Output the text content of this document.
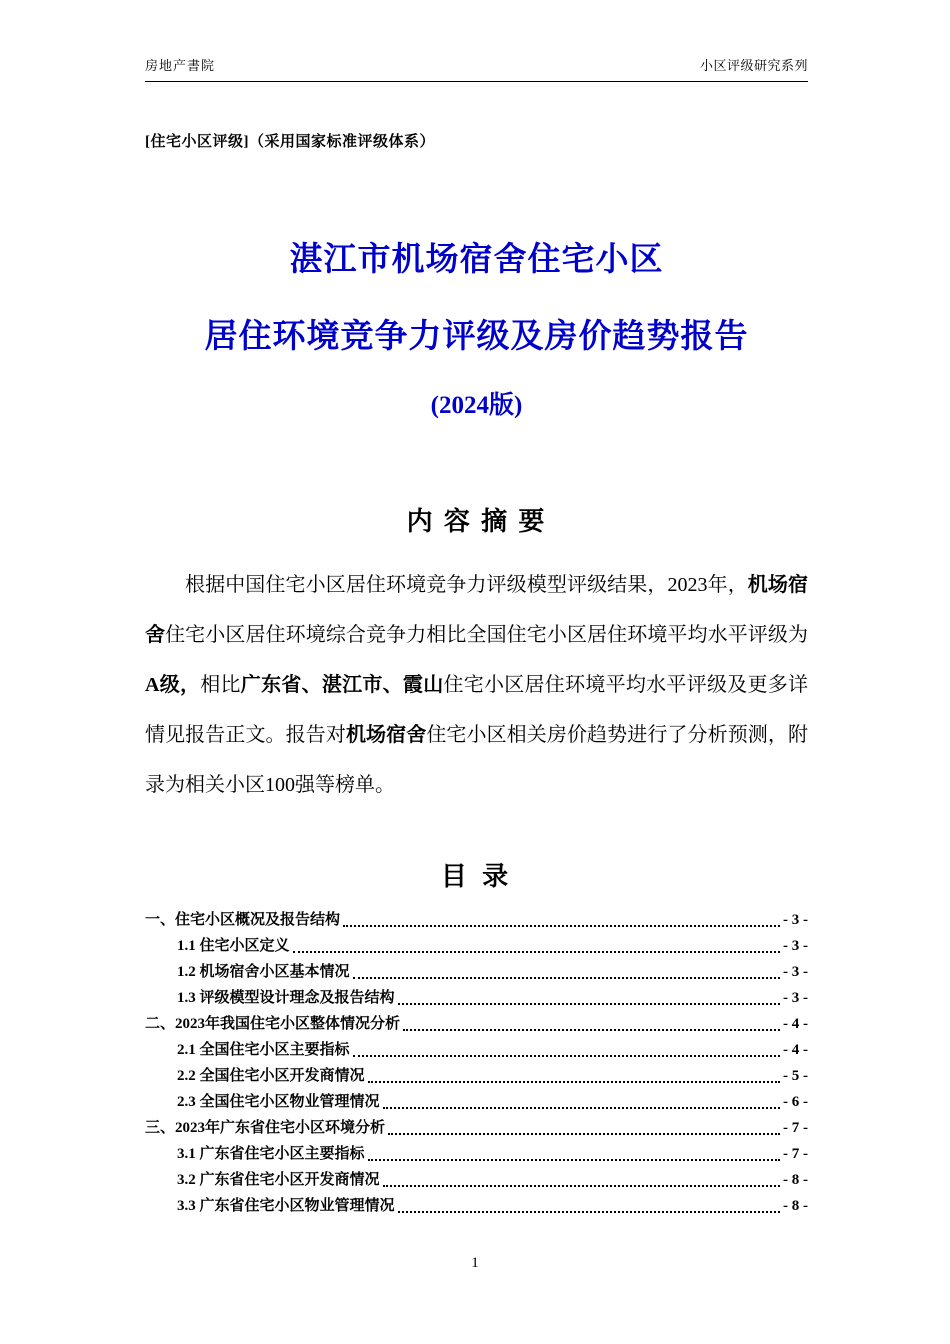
房地产書院	小区评级研究系列
[住宅小区评级]（采用国家标准评级体系）
湛江市机场宿舍住宅小区
居住环境竞争力评级及房价趋势报告
(2024版)
内 容 摘 要

根据中国住宅小区居住环境竞争力评级模型评级结果，2023年，机场宿舍住宅小区居住环境综合竞争力相比全国住宅小区居住环境平均水平评级为A级，相比广东省、湛江市、霞山住宅小区居住环境平均水平评级及更多详情见报告正文。报告对机场宿舍住宅小区相关房价趋势进行了分析预测，附录为相关小区100强等榜单。

目 录
一、住宅小区概况及报告结构	- 3 -
1.1 住宅小区定义	- 3 -
1.2 机场宿舍小区基本情况	- 3 -
1.3 评级模型设计理念及报告结构	- 3 -
二、2023年我国住宅小区整体情况分析	- 4 -
2.1 全国住宅小区主要指标	- 4 -
2.2 全国住宅小区开发商情况	- 5 -
2.3 全国住宅小区物业管理情况	- 6 -
三、2023年广东省住宅小区环境分析	- 7 -
3.1 广东省住宅小区主要指标	- 7 -
3.2 广东省住宅小区开发商情况	- 8 -
3.3 广东省住宅小区物业管理情况	- 8 -
1
